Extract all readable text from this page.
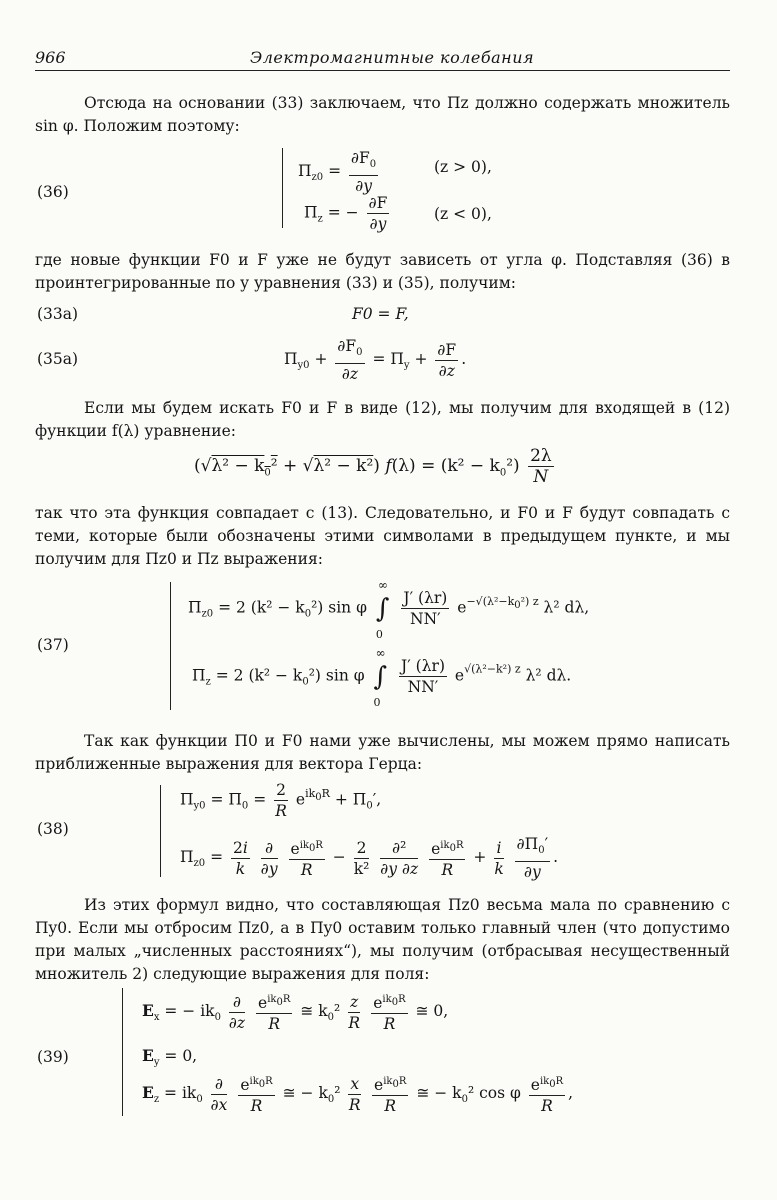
966	Электромагнитные колебания

Отсюда на основании (33) заключаем, что Πz должно содержать множитель sin φ. Положим поэтому:

(36)
$\Pi_{z0} = \frac{\partial F_0}{\partial y}$	(z > 0),
$\Pi_z$ = − $\frac{\partial F}{\partial y}$	(z < 0),

где новые функции F0 и F уже не будут зависеть от угла φ. Подставляя (36) в проинтегрированные по y уравнения (33) и (35), получим:

(33a)	F0 = F,
(35a)	$\Pi_{y0} + \frac{\partial F_0}{\partial z} = \Pi_y + \frac{\partial F}{\partial z}$ .

Если мы будем искать F0 и F в виде (12), мы получим для входящей в (12) функции f(λ) уравнение:

$(√\lambda^2 - k_0^2 + √\lambda^2 - k^2)$ $f(\lambda) = (k^2 - k_0^2) \frac{2\lambda}{N}$

так что эта функция совпадает с (13). Следовательно, и F0 и F будут совпадать с теми, которые были обозначены этими символами в предыдущем пункте, и мы получим для Πz0 и Πz выражения:

(37)
$\Pi_{z0} = 2$ $(k^2 - k_0^2)$ sin φ ∫
∞
0

$\frac{J' (\lambda r)}{NN'} e^{-√(\lambda^2-k_0^2) z}$ λ² dλ,
$\Pi_z = 2$ $(k^2 - k_0^2)$ sin φ ∫
∞
0

$\frac{J' (\lambda r)}{NN'} e^{√(\lambda^2-k^2) z}$ λ² dλ.

Так как функции Π0 и F0 нами уже вычислены, мы можем прямо написать приближенные выражения для вектора Герца:

(38)
$\Pi_{y0} = \Pi_0 = \frac{2}{R} e^{ik_0R} + \Pi_0'$,
$\Pi_{z0} = \frac{2i}{k}$
$\frac{\partial}{\partial y}$
$\frac{e^{ik_0R}}{R} - \frac{2}{\text{k²}}$
$\frac{\text{∂²}}{\partial y \partial z}$
$\frac{e^{ik_0R}}{R} + \frac{i}{k}$
$\frac{\partial\Pi_0'}{\partial y}$ .

Из этих формул видно, что составляющая Πz0 весьма мала по сравнению с Πy0. Если мы отбросим Πz0, а в Πy0 оставим только главный член (что допустимо при малых „численных расстояниях“), мы получим (отбрасывая несущественный множитель 2) следующие выражения для поля:

(39)
$E_x$ = − $ik_0 \frac{\partial}{\partial z}$
$\frac{e^{ik_0R}}{R}$ ≅ $k_0^2 \frac{z}{R}$
$\frac{e^{ik_0R}}{R}$ ≅ 0,
$E_y = 0$,
$E_z = ik_0 \frac{\partial}{\partial x}$
$\frac{e^{ik_0R}}{R}$ ≅ − $k_0^2 \frac{x}{R}$
$\frac{e^{ik_0R}}{R}$ ≅ − $k_0^2$ cos φ $\frac{e^{ik_0R}}{R}$ ,
